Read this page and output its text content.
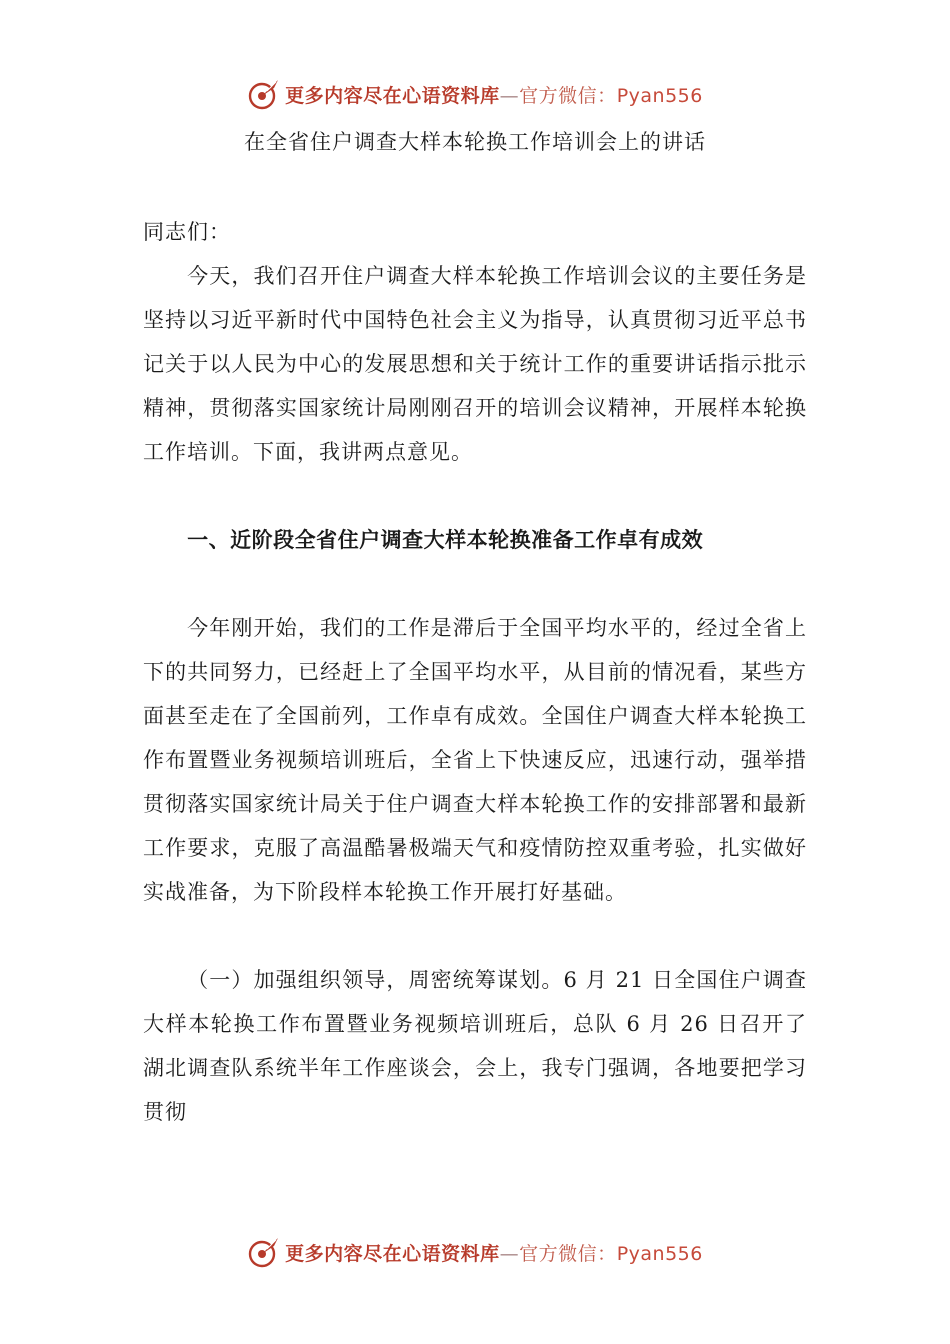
更多内容尽在心语资料库—官方微信：Pyan556
在全省住户调查大样本轮换工作培训会上的讲话

同志们：

今天，我们召开住户调查大样本轮换工作培训会议的主要任务是坚持以习近平新时代中国特色社会主义为指导，认真贯彻习近平总书记关于以人民为中心的发展思想和关于统计工作的重要讲话指示批示精神，贯彻落实国家统计局刚刚召开的培训会议精神，开展样本轮换工作培训。下面，我讲两点意见。

一、近阶段全省住户调查大样本轮换准备工作卓有成效

今年刚开始，我们的工作是滞后于全国平均水平的，经过全省上下的共同努力，已经赶上了全国平均水平，从目前的情况看，某些方面甚至走在了全国前列，工作卓有成效。全国住户调查大样本轮换工作布置暨业务视频培训班后，全省上下快速反应，迅速行动，强举措贯彻落实国家统计局关于住户调查大样本轮换工作的安排部署和最新工作要求，克服了高温酷暑极端天气和疫情防控双重考验，扎实做好实战准备，为下阶段样本轮换工作开展打好基础。

（一）加强组织领导，周密统筹谋划。6 月 21 日全国住户调查大样本轮换工作布置暨业务视频培训班后，总队 6 月 26 日召开了湖北调查队系统半年工作座谈会，会上，我专门强调，各地要把学习贯彻

更多内容尽在心语资料库—官方微信：Pyan556
